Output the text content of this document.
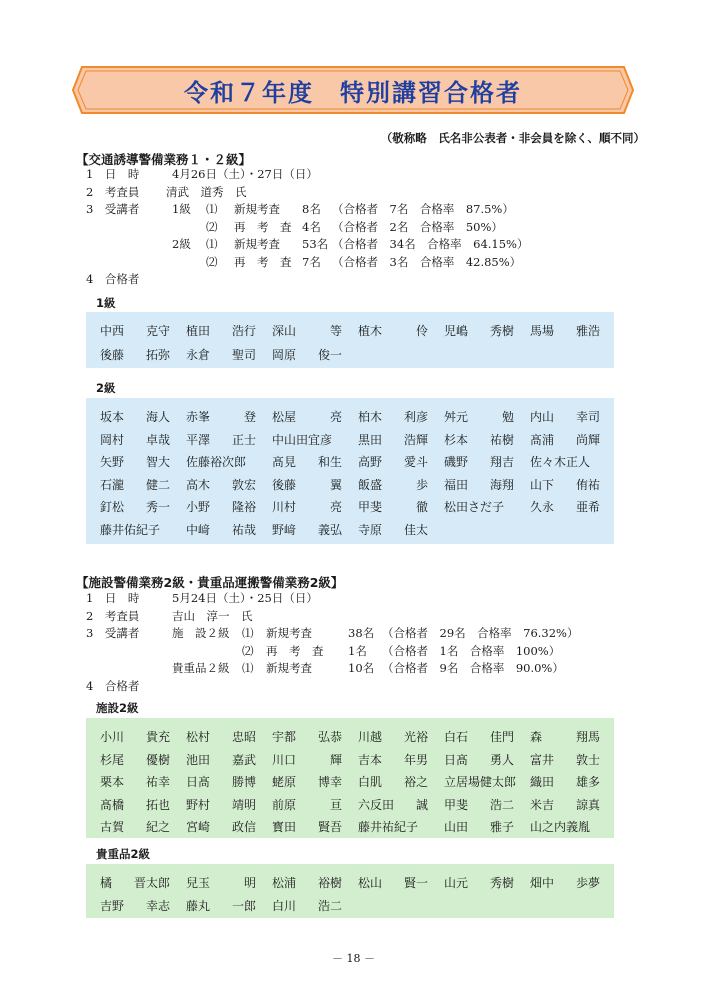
令和７年度　特別講習合格者
（敬称略　氏名非公表者・非会員を除く、順不同）
【交通誘導警備業務１・２級】
1　日　時	4月26日（土）・27日（日）
2　考査員 清武　道秀　氏
3　受講者	1級 ⑴ 新規考査 8名 （合格者　7名　合格率　87.5%）
⑵ 再　考　査 4名 （合格者　2名　合格率　50%）
2級 ⑴ 新規考査 53名 （合格者　34名　合格率　64.15%）
⑵ 再　考　査 7名 （合格者　3名　合格率　42.85%）
4　合格者
1級
中西 克守 植田 浩行 深山	等 植木	伶 児嶋 秀樹 馬場 雅浩
後藤 拓弥 永倉 聖司 岡原 俊一
2級
坂本 海人 赤峯	登 松屋	亮 柏木 利彦 舛元	勉 内山 幸司
岡村 卓哉 平澤 正士 中山田宜彦 黒田 浩輝 杉本 祐樹 髙浦 尚輝
矢野 智大 佐藤裕次郎 髙見 和生 高野 愛斗 磯野 翔吉 佐々木正人
石瀧 健二 高木 敦宏 後藤	翼 飯盛	歩 福田 海翔 山下 侑祐
釘松 秀一 小野 隆裕 川村	亮 甲斐	徹 松田さだ子 久永 亜希
藤井佑紀子 中﨑 祐哉 野﨑 義弘 寺原 佳太
【施設警備業務2級・貴重品運搬警備業務2級】
1　日　時	5月24日（土）・25日（日）
2　考査員	吉山　淳一　氏
3　受講者	施　設２級 ⑴ 新規考査	38名 （合格者　29名　合格率　76.32%）
⑵ 再　考　査 1名 （合格者　1名　合格率　100%）
貴重品２級 ⑴ 新規考査	10名 （合格者　9名　合格率　90.0%）
4　合格者
施設2級
小川 貴充 松村 忠昭 宇都 弘恭 川越 光裕 白石 佳門 森	翔馬
杉尾 優樹 池田 嘉武 川口	輝 吉本 年男 日髙 勇人 富井 敦士
栗本 祐幸 日髙 勝博 蛯原 博幸 白肌 裕之 立居場健太郎 織田 雄多
髙橋 拓也 野村 靖明 前原	亘 六反田 誠 甲斐 浩二 米吉 諒真
古賀 紀之 宮崎 政信 寳田 賢吾 藤井祐紀子 山田 雅子 山之内義胤
貴重品2級
橘 晋太郎 兒玉	明 松浦 裕樹 松山 賢一 山元 秀樹 畑中 歩夢
吉野 幸志 藤丸 一郎 白川 浩二
－ 18 －
